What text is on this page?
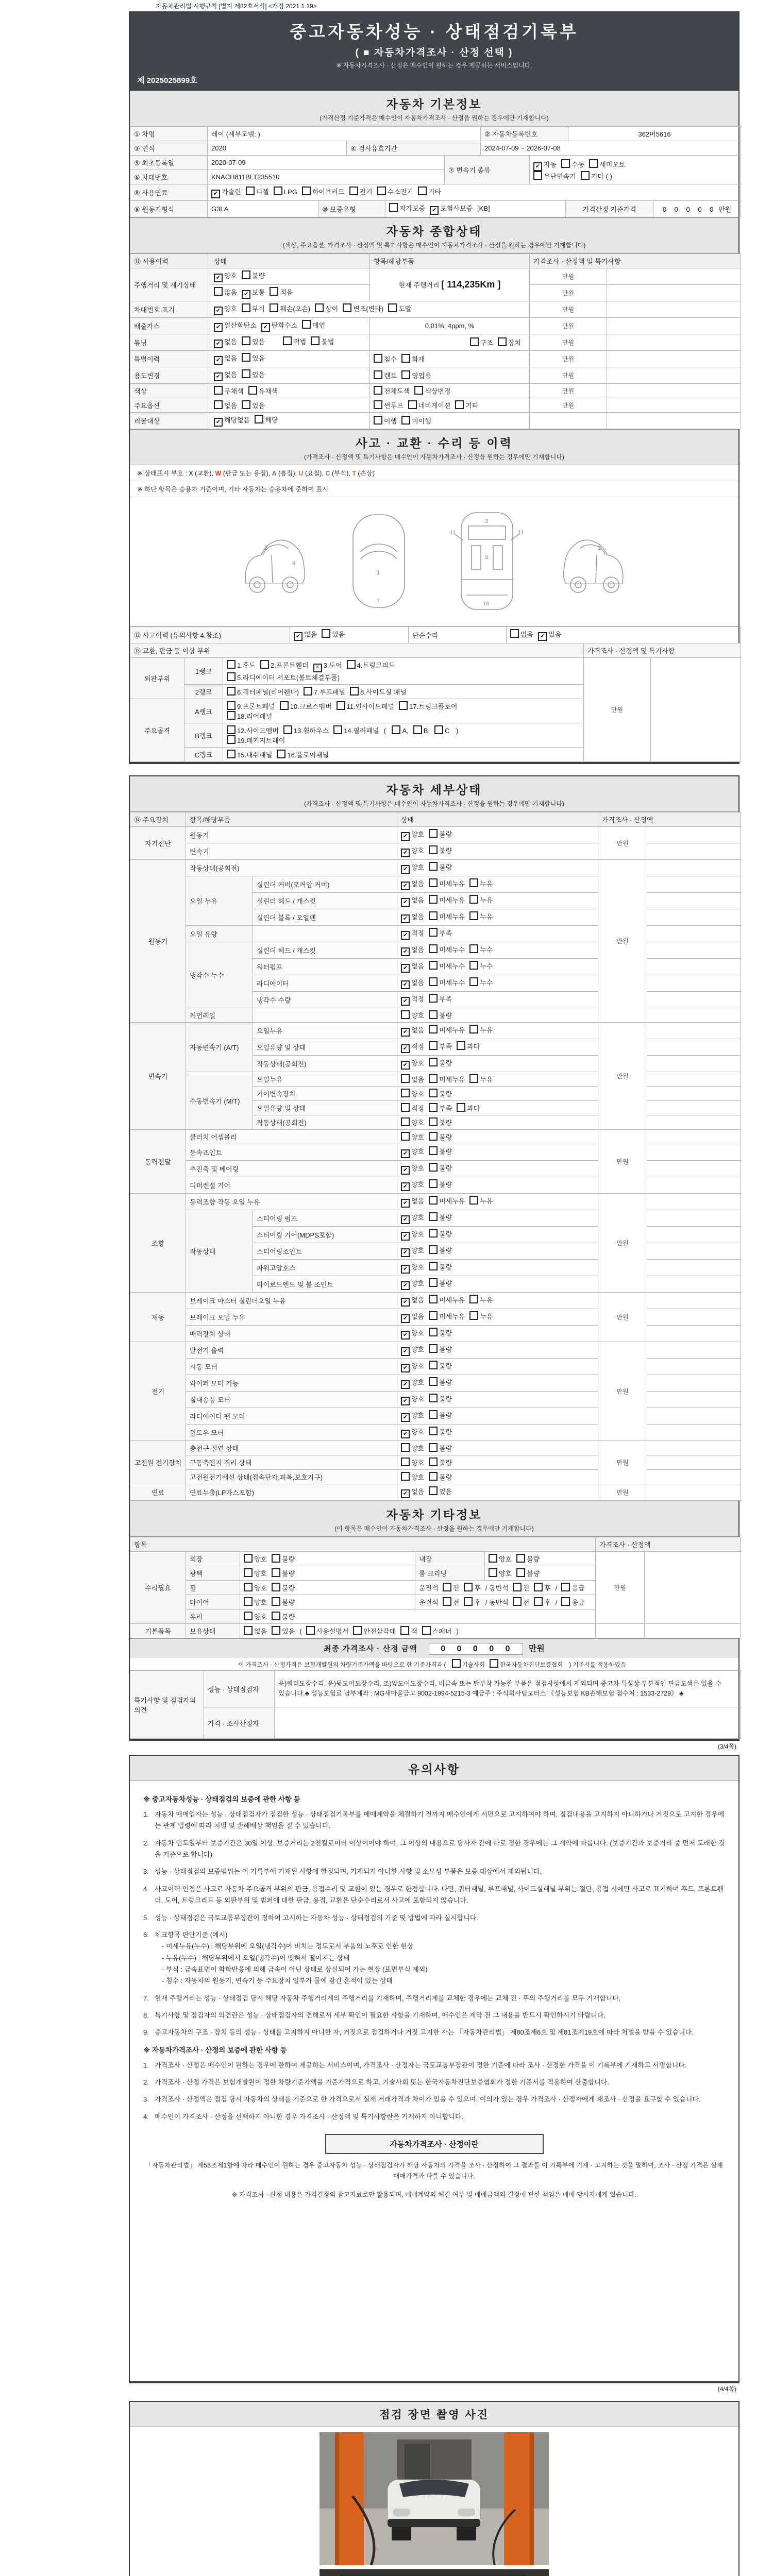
자동차관리법 시행규칙 [별지 제82호서식] <개정 2021.1.19>
중고자동차성능 · 상태점검기록부
( ■ 자동차가격조사 · 산정 선택 )
※ 자동차가격조사 · 산정은 매수인이 원하는 경우 제공하는 서비스입니다.
제 2025025899호
자동차 기본정보
(가격산정 기준가격은 매수인이 자동차가격조사 · 산정을 원하는 경우에만 기재합니다)
① 차명	레이 (세부모델: )	② 자동차등록번호	362머5616
③ 연식	2020	④ 검사유효기간	2024-07-09 ~ 2026-07-08
⑤ 최초등록일	2020-07-09	⑦ 변속기 종류	✔ 자동 수동 세미오토
무단변속기 기타 ( )
⑥ 차대번호	KNACH811BLT235510		
⑧ 사용연료	✔ 가솔린 디젤 LPG 하이브리드 전기 수소전기 기타
⑨ 원동기형식	G3LA	⑩ 보증유형	자가보증 ✔ 보험사보증 [KB]	가격산정 기준가격	0 0 0 0 0 만원
자동차 종합상태
(색상, 주요옵션, 가격조사 · 산정액 및 특기사항은 매수인이 자동차가격조사 · 산정을 원하는 경우에만 기재합니다)
⑪ 사용이력	상태	항목/해당부품	가격조사 · 산정액 및 특기사항	
주행거리 및 계기상태	✔ 양호 불량	현재 주행거리 [ 114,235Km ]	만원	
	많음 ✔ 보통 적음		만원	
차대번호 표기	✔ 양호 부식 훼손(오손) 상이 변조(변타) 도말		만원	
배출가스	✔ 일산화탄소 ✔ 탄화수소 매연	0.01%, 4ppm, %	만원	
튜닝	✔ 없음 있음 적법 불법	구조 장치	만원	
특별이력	✔ 없음 있음	침수 화재	만원	
용도변경	✔ 없음 있음	렌트 영업용	만원	
색상	무채색 유채색	전체도색 색상변경	만원	
주요옵션	없음 있음	썬루프 네비게이션 기타	만원	
리콜대상	✔ 해당없음 해당	이행 미이행		
사고 · 교환 · 수리 등 이력
(가격조사 · 산정액 및 특기사항은 매수인이 자동차가격조사 · 산정을 원하는 경우에만 기재합니다)
※ 상태표시 부호 : X (교환), W (판금 또는 용접), A (흠집), U (요철), C (부식), T (손상)
※ 하단 항목은 승용차 기준이며, 기타 자동차는 승용차에 준하여 표시
2
6
1
7
11	11
3
9
18
2
⑫ 사고이력 (유의사항 4.참조)	✔ 없음 있음	단순수리	없음 ✔ 있음
⑬ 교환, 판금 등 이상 부위	가격조사 · 산정액 및 특기사항
외판부위	1랭크	1.후드 2.프론트휀더 ✕ 3.도어 4.트렁크리드
5.라디에이터 서포트(볼트체결부품)	만원	
	2랭크	6.쿼터패널(리어휀다) 7.루프패널 8.사이드실 패널		
주요골격	A랭크	9.프론트패널 10.크로스멤버 11.인사이드패널 17.트렁크플로어
18.리어패널		
	B랭크	12.사이드멤버 13.휠하우스 14.필러패널 ( A, B, C )
19.패키지트레이		
	C랭크	15.대쉬패널 16.플로어패널		
자동차 세부상태
(가격조사 · 산정액 및 특기사항은 매수인이 자동차가격조사 · 산정을 원하는 경우에만 기재합니다)
⑭ 주요장치	항목/해당부품		상태	가격조사 · 산정액	
자기진단	원동기		✔ 양호 불량	만원	
	변속기		✔ 양호 불량		
원동기	작동상태(공회전)		✔ 양호 불량	만원	
	오일 누유	실린더 커버(로커암 커버)	✔ 없음 미세누유 누유		
		실린더 헤드 / 개스킷	✔ 없음 미세누유 누유		
		실린더 블록 / 오일팬	✔ 없음 미세누유 누유		
	오일 유량		✔ 적정 부족		
	냉각수 누수	실린더 헤드 / 개스킷	✔ 없음 미세누수 누수		
		워터펌프	✔ 없음 미세누수 누수		
		라디에이터	✔ 없음 미세누수 누수		
		냉각수 수량	✔ 적정 부족		
	커먼레일		양호 불량		
변속기	자동변속기 (A/T)	오일누유	✔ 없음 미세누유 누유	만원	
		오일유량 및 상태	✔ 적정 부족 과다		
		작동상태(공회전)	✔ 양호 불량		
	수동변속기 (M/T)	오일누유	없음 미세누유 누유		
		기어변속장치	양호 불량		
		오일유량 및 상태	적정 부족 과다		
		작동상태(공회전)	양호 불량		
동력전달	클러치 어셈블리		양호 불량	만원	
	등속죠인트		✔ 양호 불량		
	추진축 및 베어링		✔ 양호 불량		
	디퍼렌셜 기어		✔ 양호 불량		
조향	동력조향 작동 오일 누유		✔ 없음 미세누유 누유	만원	
	작동상태	스티어링 펌프	✔ 양호 불량		
		스티어링 기어(MDPS포함)	✔ 양호 불량		
		스티어링조인트	✔ 양호 불량		
		파워고압호스	✔ 양호 불량		
		타이로드엔드 및 볼 조인트	✔ 양호 불량		
제동	브레이크 마스터 실린더오일 누유		✔ 없음 미세누유 누유	만원	
	브레이크 오일 누유		✔ 없음 미세누유 누유		
	배력장치 상태		✔ 양호 불량		
전기	발전기 출력		✔ 양호 불량	만원	
	시동 모터		✔ 양호 불량		
	와이퍼 모터 기능		✔ 양호 불량		
	실내송풍 모터		✔ 양호 불량		
	라디에이터 팬 모터		✔ 양호 불량		
	윈도우 모터		✔ 양호 불량		
고전원 전기장치	충전구 절연 상태		양호 불량	만원	
	구동축전지 격리 상태		양호 불량		
	고전원전기배선 상태(접속단자,피복,보호기구)		양호 불량		
연료	연료누출(LP가스포함)		✔ 없음 있음	만원	
자동차 기타정보
(이 항목은 매수인이 자동차가격조사 · 산정을 원하는 경우에만 기재합니다)
항목					가격조사 · 산정액	
수리필요	외장	양호 불량	내장	양호 불량	만원	
	광택	양호 불량	룸 크리닝	양호 불량		
	휠	양호 불량	운전석 전 후 / 동반석 전 후 / 응급			
	타이어	양호 불량	운전석 전 후 / 동반석 전 후 / 응급			
	유리	양호 불량				
기본품목	보유상태	없음 있음 ( 사용설명서 안전삼각대 잭 스패너 )				
최종 가격조사 · 산정 금액	0 0 0 0 0 만원
이 가격조사 · 산정가격은 보험개발원의 차량기준가액을 바탕으로 한 기준가격과 ( 기술사회	한국자동차진단보증협회 ) 기준서를 적용하였음
특기사항 및 점검자의 의견	성능 · 상태점검자	운)쿼터도장수리, 운)뒷도어도장수리, 조)앞도어도장수리, 비금속 또는 탈부착 가능한 부품은 점검사항에서 제외되며 중고차 특성상 부분적인 판금도색은 있을 수 있습니다.♣ 성능보험료 납부계좌 : MG새마을금고 9002-1994-5215-3 예금주 : 주식회사팀모터스 《성능보험 KB손해보험 접수처 : 1533-2729》 ♣
	가격 · 조사산정자	
(3/4쪽)
유의사항
※ 중고자동차성능 · 상태점검의 보증에 관한 사항 등
1. 자동차 매매업자는 성능 · 상태점검자가 점검한 성능 · 상태점검기록부를 매매계약을 체결하기 전까지 매수인에게 서면으로 고지하여야 하며, 점검내용을 고지하지 아니하거나 거짓으로 고지한 경우에는 관계 법령에 따라 처벌 및 손해배상 책임을 질 수 있습니다.
2. 자동차 인도일부터 보증기간은 30일 이상, 보증거리는 2천킬로미터 이상이어야 하며, 그 이상의 내용으로 당사자 간에 따로 정한 경우에는 그 계약에 따릅니다. (보증기간과 보증거리 중 먼저 도래한 것을 기준으로 합니다)
3. 성능 · 상태점검의 보증범위는 이 기록부에 기재된 사항에 한정되며, 기재되지 아니한 사항 및 소모성 부품은 보증 대상에서 제외됩니다.
4. 사고이력 인정은 사고로 자동차 주요골격 부위의 판금, 용접수리 및 교환이 있는 경우로 한정합니다. 다만, 쿼터패널, 루프패널, 사이드실패널 부위는 절단, 용접 시에만 사고로 표기하며 후드, 프론트휀더, 도어, 트렁크리드 등 외판부위 및 범퍼에 대한 판금, 용접, 교환은 단순수리로서 사고에 포함되지 않습니다.
5. 성능 · 상태점검은 국토교통부장관이 정하여 고시하는 자동차 성능 · 상태점검의 기준 및 방법에 따라 실시합니다.
6. 체크항목 판단기준 (예시)
- 미세누유(누수) : 해당부위에 오일(냉각수)이 비치는 정도로서 부품의 노후로 인한 현상
- 누유(누수) : 해당부위에서 오일(냉각수)이 맺혀서 떨어지는 상태
- 부식 : 금속표면이 화학반응에 의해 금속이 아닌 상태로 상실되어 가는 현상 (표면부식 제외)
- 침수 : 자동차의 원동기, 변속기 등 주요장치 일부가 물에 잠긴 흔적이 있는 상태
7. 현재 주행거리는 성능 · 상태점검 당시 해당 자동차 주행거리계의 주행거리를 기재하며, 주행거리계를 교체한 경우에는 교체 전 · 후의 주행거리를 모두 기재합니다.
8. 특기사항 및 점검자의 의견란은 성능 · 상태점검자의 견해로서 세부 확인이 필요한 사항을 기재하며, 매수인은 계약 전 그 내용을 반드시 확인하시기 바랍니다.
9. 중고자동차의 구조 · 장치 등의 성능 · 상태를 고지하지 아니한 자, 거짓으로 점검하거나 거짓 고지한 자는 「자동차관리법」 제80조제6호 및 제81조제19호에 따라 처벌을 받을 수 있습니다.
※ 자동차가격조사 · 산정의 보증에 관한 사항 등
1. 가격조사 · 산정은 매수인이 원하는 경우에 한하여 제공하는 서비스이며, 가격조사 · 산정자는 국토교통부장관이 정한 기준에 따라 조사 · 산정한 가격을 이 기록부에 기재하고 서명합니다.
2. 가격조사 · 산정 가격은 보험개발원이 정한 차량기준가액을 기준가격으로 하고, 기술사회 또는 한국자동차진단보증협회가 정한 기준서를 적용하여 산출합니다.
3. 가격조사 · 산정액은 점검 당시 자동차의 상태를 기준으로 한 가격으로서 실제 거래가격과 차이가 있을 수 있으며, 이의가 있는 경우 가격조사 · 산정자에게 재조사 · 산정을 요구할 수 있습니다.
4. 매수인이 가격조사 · 산정을 선택하지 아니한 경우 가격조사 · 산정액 및 특기사항란은 기재하지 아니합니다.
자동차가격조사 · 산정이란
「자동차관리법」 제58조제1항에 따라 매수인이 원하는 경우 중고자동차 성능 · 상태점검자가 해당 자동차의 가격을 조사 · 산정하여 그 결과를 이 기록부에 기재 · 고지하는 것을 말하며, 조사 · 산정 가격은 실제 매매가격과 다를 수 있습니다.
※ 가격조사 · 산정 내용은 가격결정의 참고자료로만 활용되며, 매매계약의 체결 여부 및 매매금액의 결정에 관한 책임은 매매 당사자에게 있습니다.
(4/4쪽)
점검 장면 촬영 사진
